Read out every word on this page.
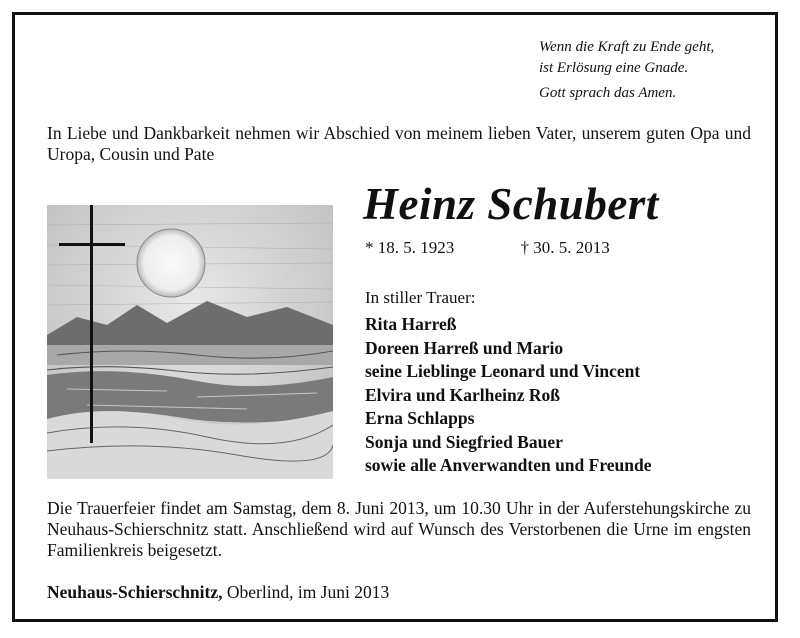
Wenn die Kraft zu Ende geht,
ist Erlösung eine Gnade.

Gott sprach das Amen.
In Liebe und Dankbarkeit nehmen wir Abschied von meinem lieben Vater, unserem guten Opa und Uropa, Cousin und Pate
Heinz Schubert
* 18. 5. 1923	† 30. 5. 2013
In stiller Trauer:
Rita Harreß
Doreen Harreß und Mario
seine Lieblinge Leonard und Vincent
Elvira und Karlheinz Roß
Erna Schlapps
Sonja und Siegfried Bauer
sowie alle Anverwandten und Freunde
Die Trauerfeier findet am Samstag, dem 8. Juni 2013, um 10.30 Uhr in der Auferstehungskirche zu Neuhaus-Schierschnitz statt. Anschließend wird auf Wunsch des Verstorbenen die Urne im engsten Familienkreis beigesetzt.
Neuhaus-Schierschnitz, Oberlind, im Juni 2013
